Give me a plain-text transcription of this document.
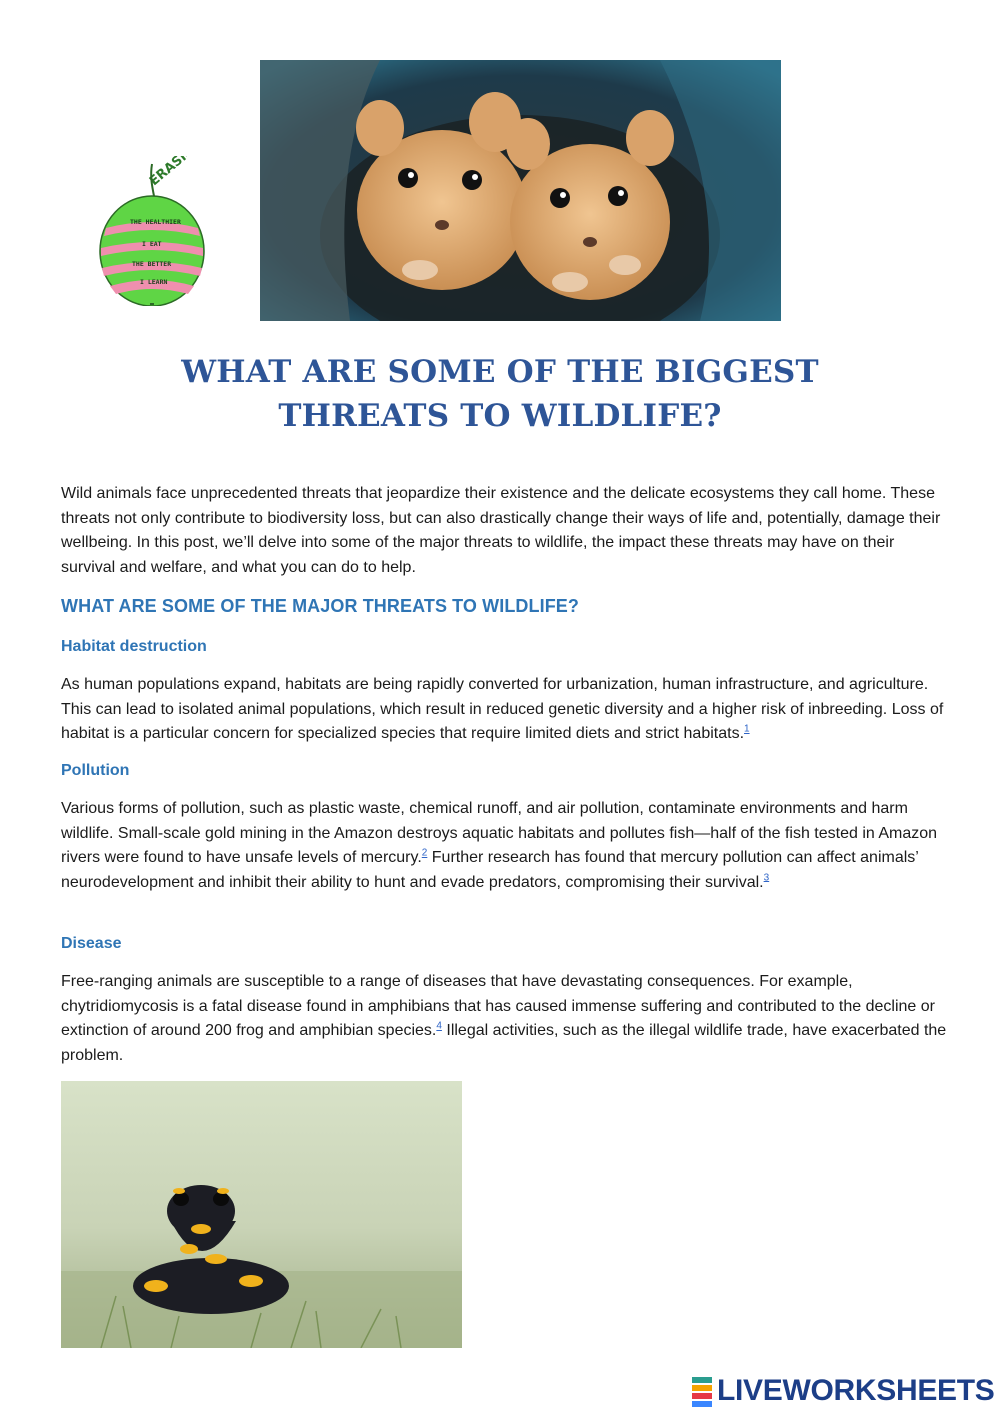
ERASMUS+
THE HEALTHIER
I EAT
THE BETTER
I LEARN
WHAT ARE SOME OF THE BIGGEST THREATS TO WILDLIFE?
Wild animals face unprecedented threats that jeopardize their existence and the delicate ecosystems they call home. These threats not only contribute to biodiversity loss, but can also drastically change their ways of life and, potentially, damage their wellbeing. In this post, we’ll delve into some of the major threats to wildlife, the impact these threats may have on their survival and welfare, and what you can do to help.
WHAT ARE SOME OF THE MAJOR THREATS TO WILDLIFE?
Habitat destruction
As human populations expand, habitats are being rapidly converted for urbanization, human infrastructure, and agriculture. This can lead to isolated animal populations, which result in reduced genetic diversity and a higher risk of inbreeding. Loss of habitat is a particular concern for specialized species that require limited diets and strict habitats.$^1$
Pollution
Various forms of pollution, such as plastic waste, chemical runoff, and air pollution, contaminate environments and harm wildlife. Small-scale gold mining in the Amazon destroys aquatic habitats and pollutes fish—half of the fish tested in Amazon rivers were found to have unsafe levels of mercury.$^2$ Further research has found that mercury pollution can affect animals’ neurodevelopment and inhibit their ability to hunt and evade predators, compromising their survival.$^3$
Disease
Free-ranging animals are susceptible to a range of diseases that have devastating consequences. For example, chytridiomycosis is a fatal disease found in amphibians that has caused immense suffering and contributed to the decline or extinction of around 200 frog and amphibian species.$^4$ Illegal activities, such as the illegal wildlife trade, have exacerbated the problem.
LIVEWORKSHEETS
